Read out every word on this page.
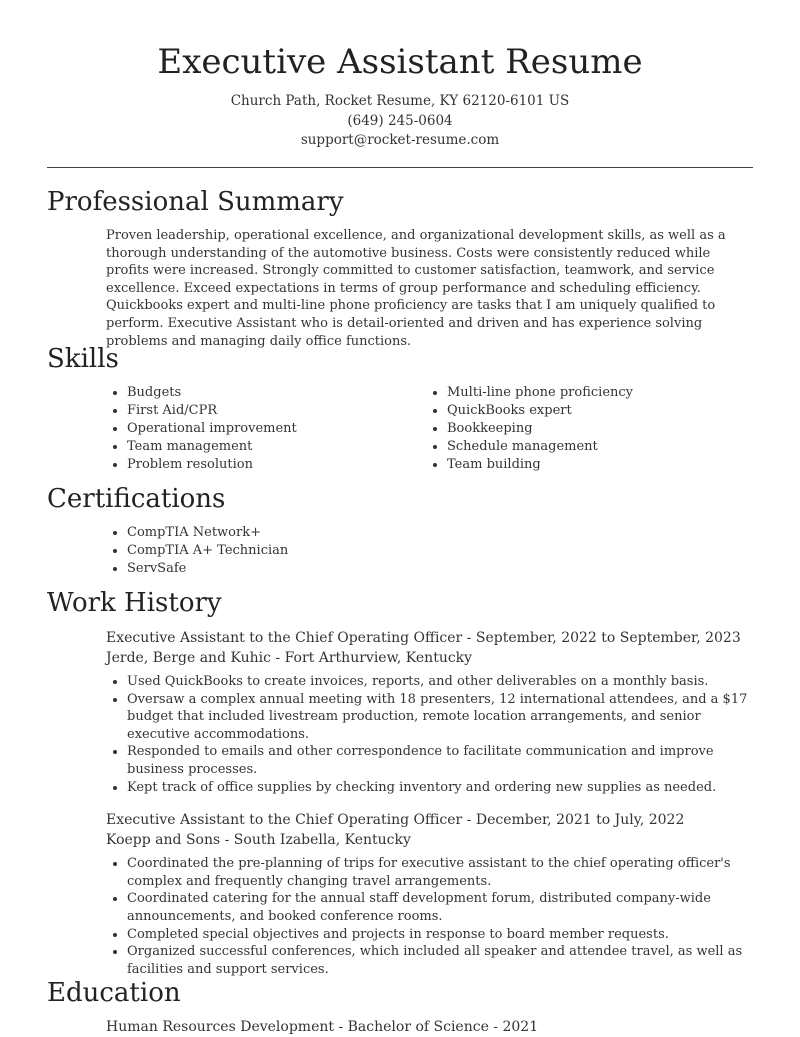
Executive Assistant Resume
Church Path, Rocket Resume, KY 62120-6101 US
(649) 245-0604
support@rocket-resume.com
Professional Summary
Proven leadership, operational excellence, and organizational development skills, as well as a thorough understanding of the automotive business. Costs were consistently reduced while profits were increased. Strongly committed to customer satisfaction, teamwork, and service excellence. Exceed expectations in terms of group performance and scheduling efficiency. Quickbooks expert and multi-line phone proficiency are tasks that I am uniquely qualified to perform. Executive Assistant who is detail-oriented and driven and has experience solving problems and managing daily office functions.
Skills
• Budgets
• First Aid/CPR
• Operational improvement
• Team management
• Problem resolution
• Multi-line phone proficiency
• QuickBooks expert
• Bookkeeping
• Schedule management
• Team building
Certifications
• CompTIA Network+
• CompTIA A+ Technician
• ServSafe
Work History
Executive Assistant to the Chief Operating Officer - September, 2022 to September, 2023
Jerde, Berge and Kuhic - Fort Arthurview, Kentucky
• Used QuickBooks to create invoices, reports, and other deliverables on a monthly basis.
• Oversaw a complex annual meeting with 18 presenters, 12 international attendees, and a $17 budget that included livestream production, remote location arrangements, and senior executive accommodations.
• Responded to emails and other correspondence to facilitate communication and improve business processes.
• Kept track of office supplies by checking inventory and ordering new supplies as needed.
Executive Assistant to the Chief Operating Officer - December, 2021 to July, 2022
Koepp and Sons - South Izabella, Kentucky
• Coordinated the pre-planning of trips for executive assistant to the chief operating officer's complex and frequently changing travel arrangements.
• Coordinated catering for the annual staff development forum, distributed company-wide announcements, and booked conference rooms.
• Completed special objectives and projects in response to board member requests.
• Organized successful conferences, which included all speaker and attendee travel, as well as facilities and support services.
Education
Human Resources Development - Bachelor of Science - 2021
